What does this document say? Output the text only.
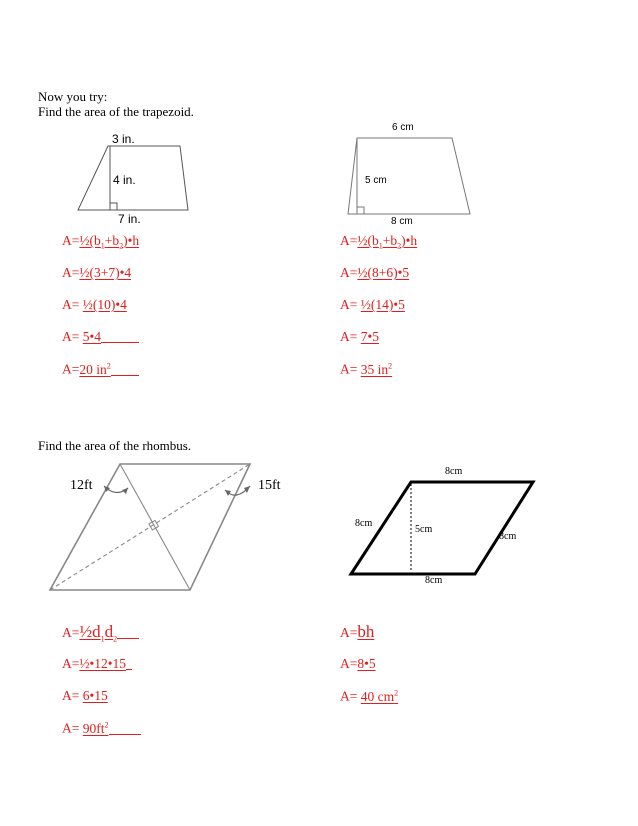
Now you try:
Find the area of the trapezoid.
Find the area of the rhombus.
3 in.
4 in.
7 in.
6 cm
5 cm
8 cm
$A=\frac{1}{2}(b_1+b_2)•h$
A=½(3+7)•4
A= ½(10)•4
A= 5•4
A=20 $in^2$
$A=\frac{1}{2}(b_1+b_2)•h$
A=½(8+6)•5
A= ½(14)•5
A= 7•5
A= 35 $in^2$
12ft	15ft
8cm
8cm
5cm
8cm
8cm
$A=\frac{1}{2}d_1d_2$
A=½•12•15
A= 6•15
$A= 90ft^2$
A=bh
A=8•5
A= 40 $cm^2$
